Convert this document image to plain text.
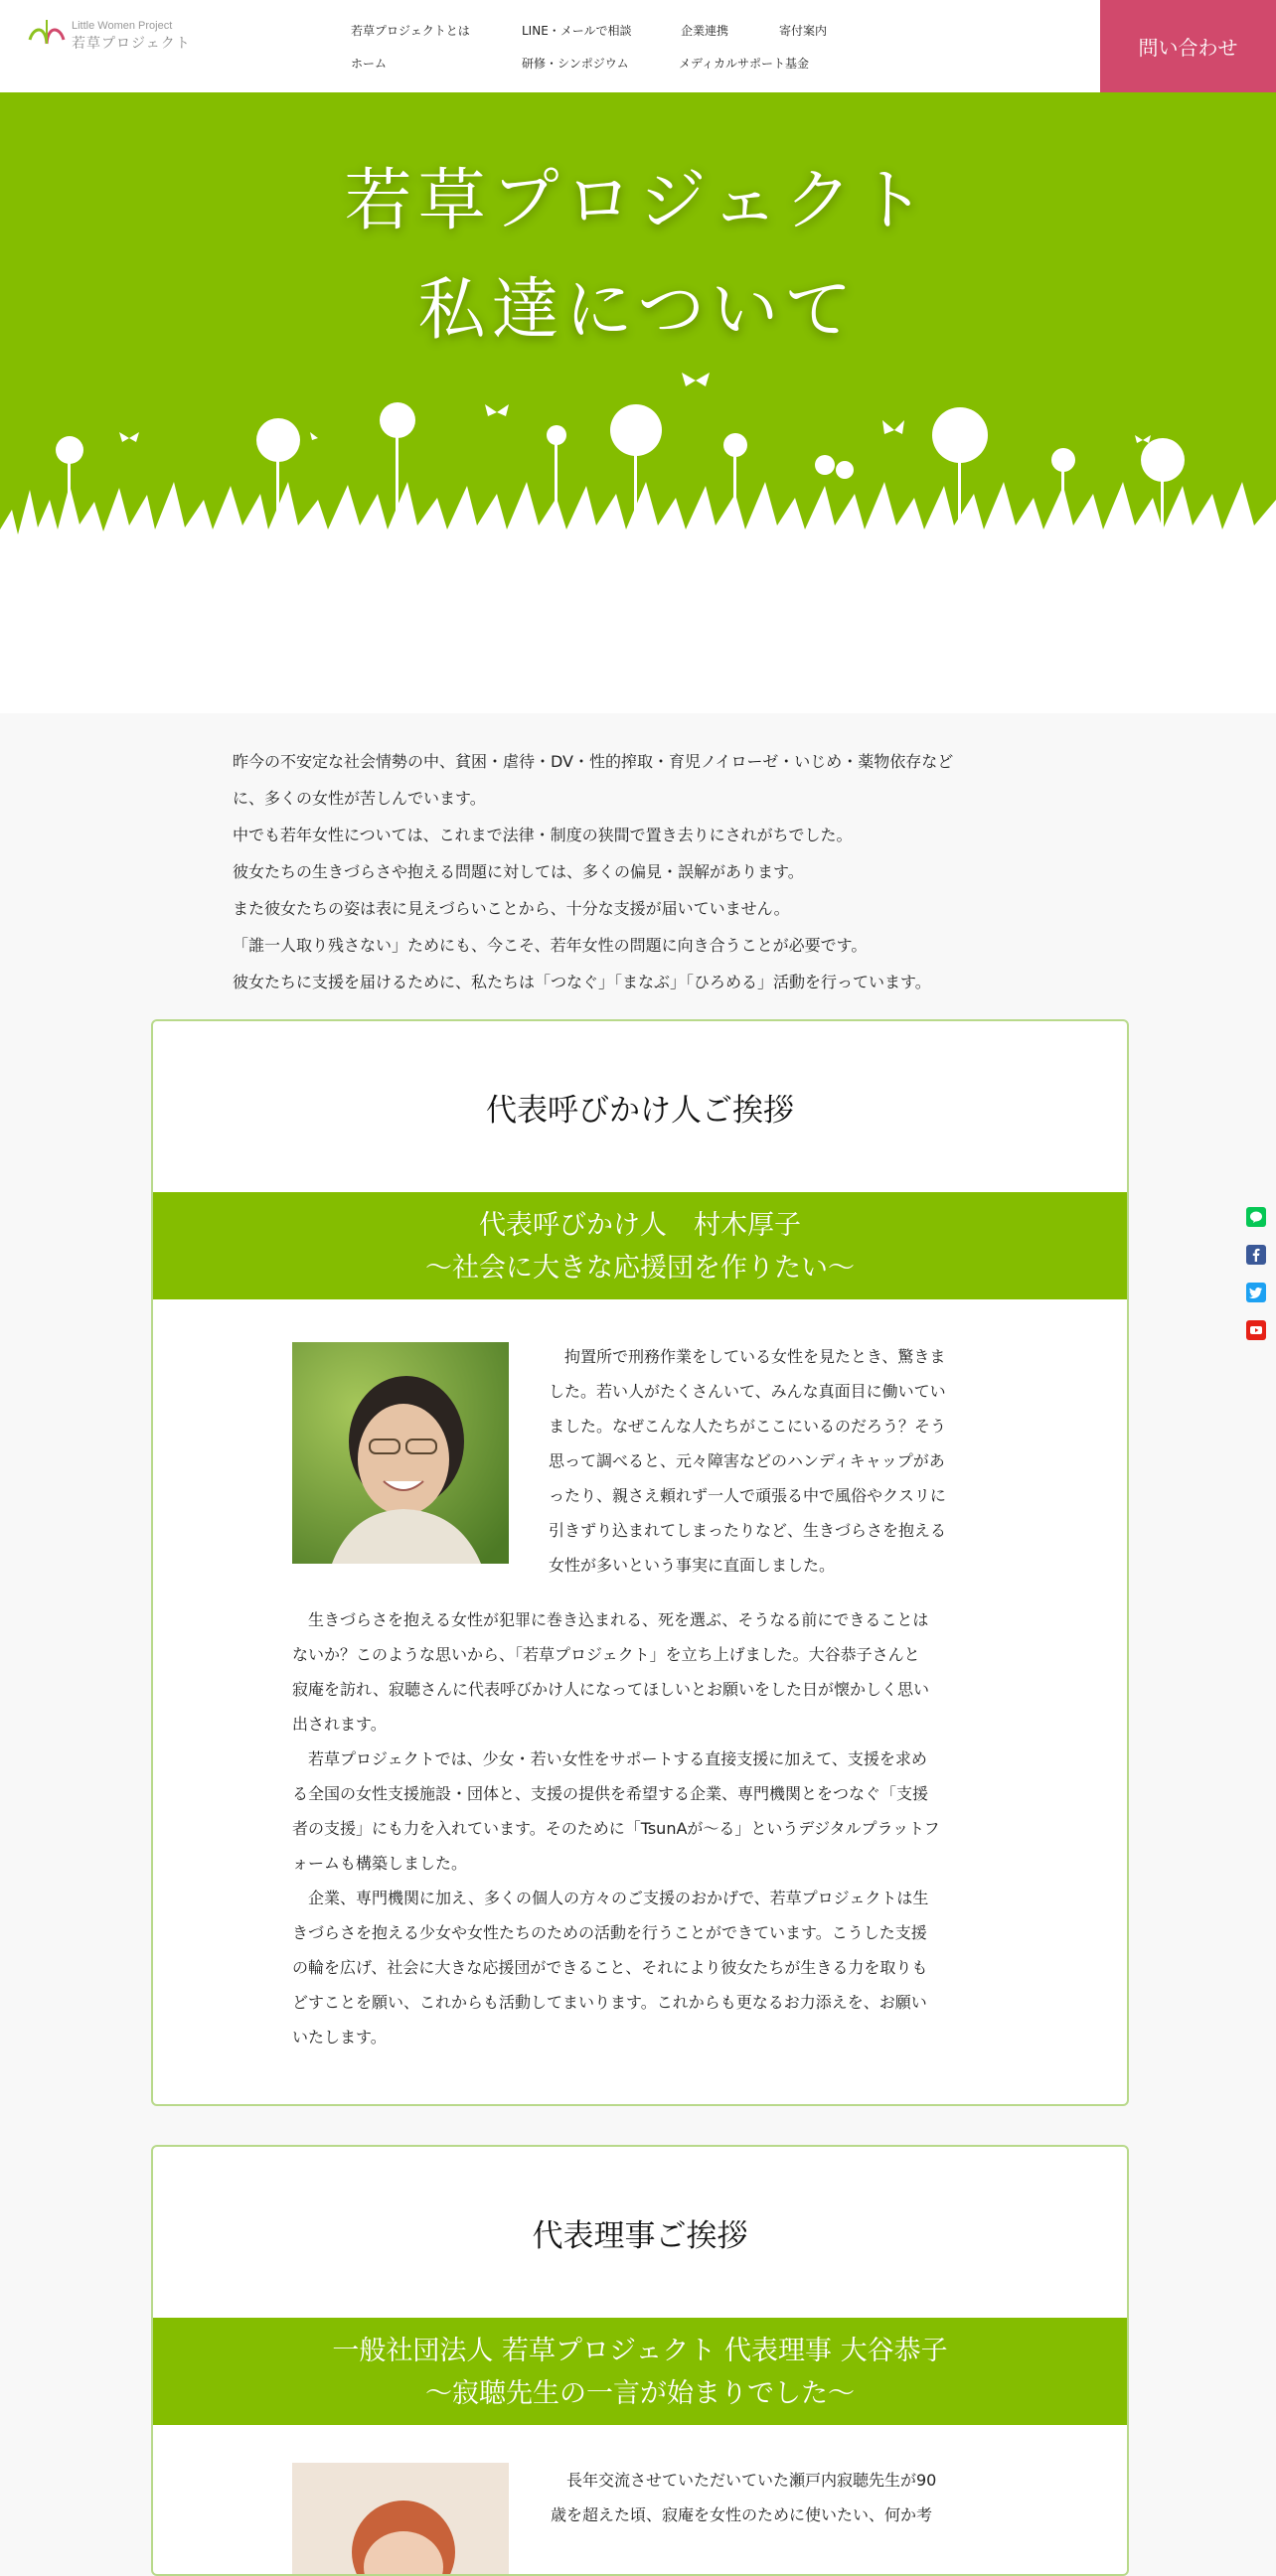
Little Women Project
若草プロジェクト
若草プロジェクトとは	LINE・メールで相談	企業連携	寄付案内
ホーム	研修・シンポジウム	メディカルサポート基金
問い合わせ
若草プロジェクト
私達について

昨今の不安定な社会情勢の中、貧困・虐待・DV・性的搾取・育児ノイローゼ・いじめ・薬物依存など

に、多くの女性が苦しんでいます。

中でも若年女性については、これまで法律・制度の狭間で置き去りにされがちでした。

彼女たちの生きづらさや抱える問題に対しては、多くの偏見・誤解があります。

また彼女たちの姿は表に見えづらいことから、十分な支援が届いていません。

「誰一人取り残さない」ためにも、今こそ、若年女性の問題に向き合うことが必要です。

彼女たちに支援を届けるために、私たちは「つなぐ」「まなぶ」「ひろめる」活動を行っています。

代表呼びかけ人ご挨拶
代表呼びかけ人　村木厚子
～社会に大きな応援団を作りたい～

　拘置所で刑務作業をしている女性を見たとき、驚きま

した。若い人がたくさんいて、みんな真面目に働いてい

ました。なぜこんな人たちがここにいるのだろう？そう

思って調べると、元々障害などのハンディキャップがあ

ったり、親さえ頼れず一人で頑張る中で風俗やクスリに

引きずり込まれてしまったりなど、生きづらさを抱える

女性が多いという事実に直面しました。

　生きづらさを抱える女性が犯罪に巻き込まれる、死を選ぶ、そうなる前にできることは

ないか？このような思いから、「若草プロジェクト」を立ち上げました。大谷恭子さんと

寂庵を訪れ、寂聴さんに代表呼びかけ人になってほしいとお願いをした日が懐かしく思い

出されます。

　若草プロジェクトでは、少女・若い女性をサポートする直接支援に加えて、支援を求め

る全国の女性支援施設・団体と、支援の提供を希望する企業、専門機関とをつなぐ「支援

者の支援」にも力を入れています。そのために「TsunAが～る」というデジタルプラットフ

ォームも構築しました。

　企業、専門機関に加え、多くの個人の方々のご支援のおかげで、若草プロジェクトは生

きづらさを抱える少女や女性たちのための活動を行うことができています。こうした支援

の輪を広げ、社会に大きな応援団ができること、それにより彼女たちが生きる力を取りも

どすことを願い、これからも活動してまいります。これからも更なるお力添えを、お願い

いたします。

代表理事ご挨拶
一般社団法人 若草プロジェクト 代表理事 大谷恭子
～寂聴先生の一言が始まりでした～

　長年交流させていただいていた瀬戸内寂聴先生が90

歳を超えた頃、寂庵を女性のために使いたい、何か考
